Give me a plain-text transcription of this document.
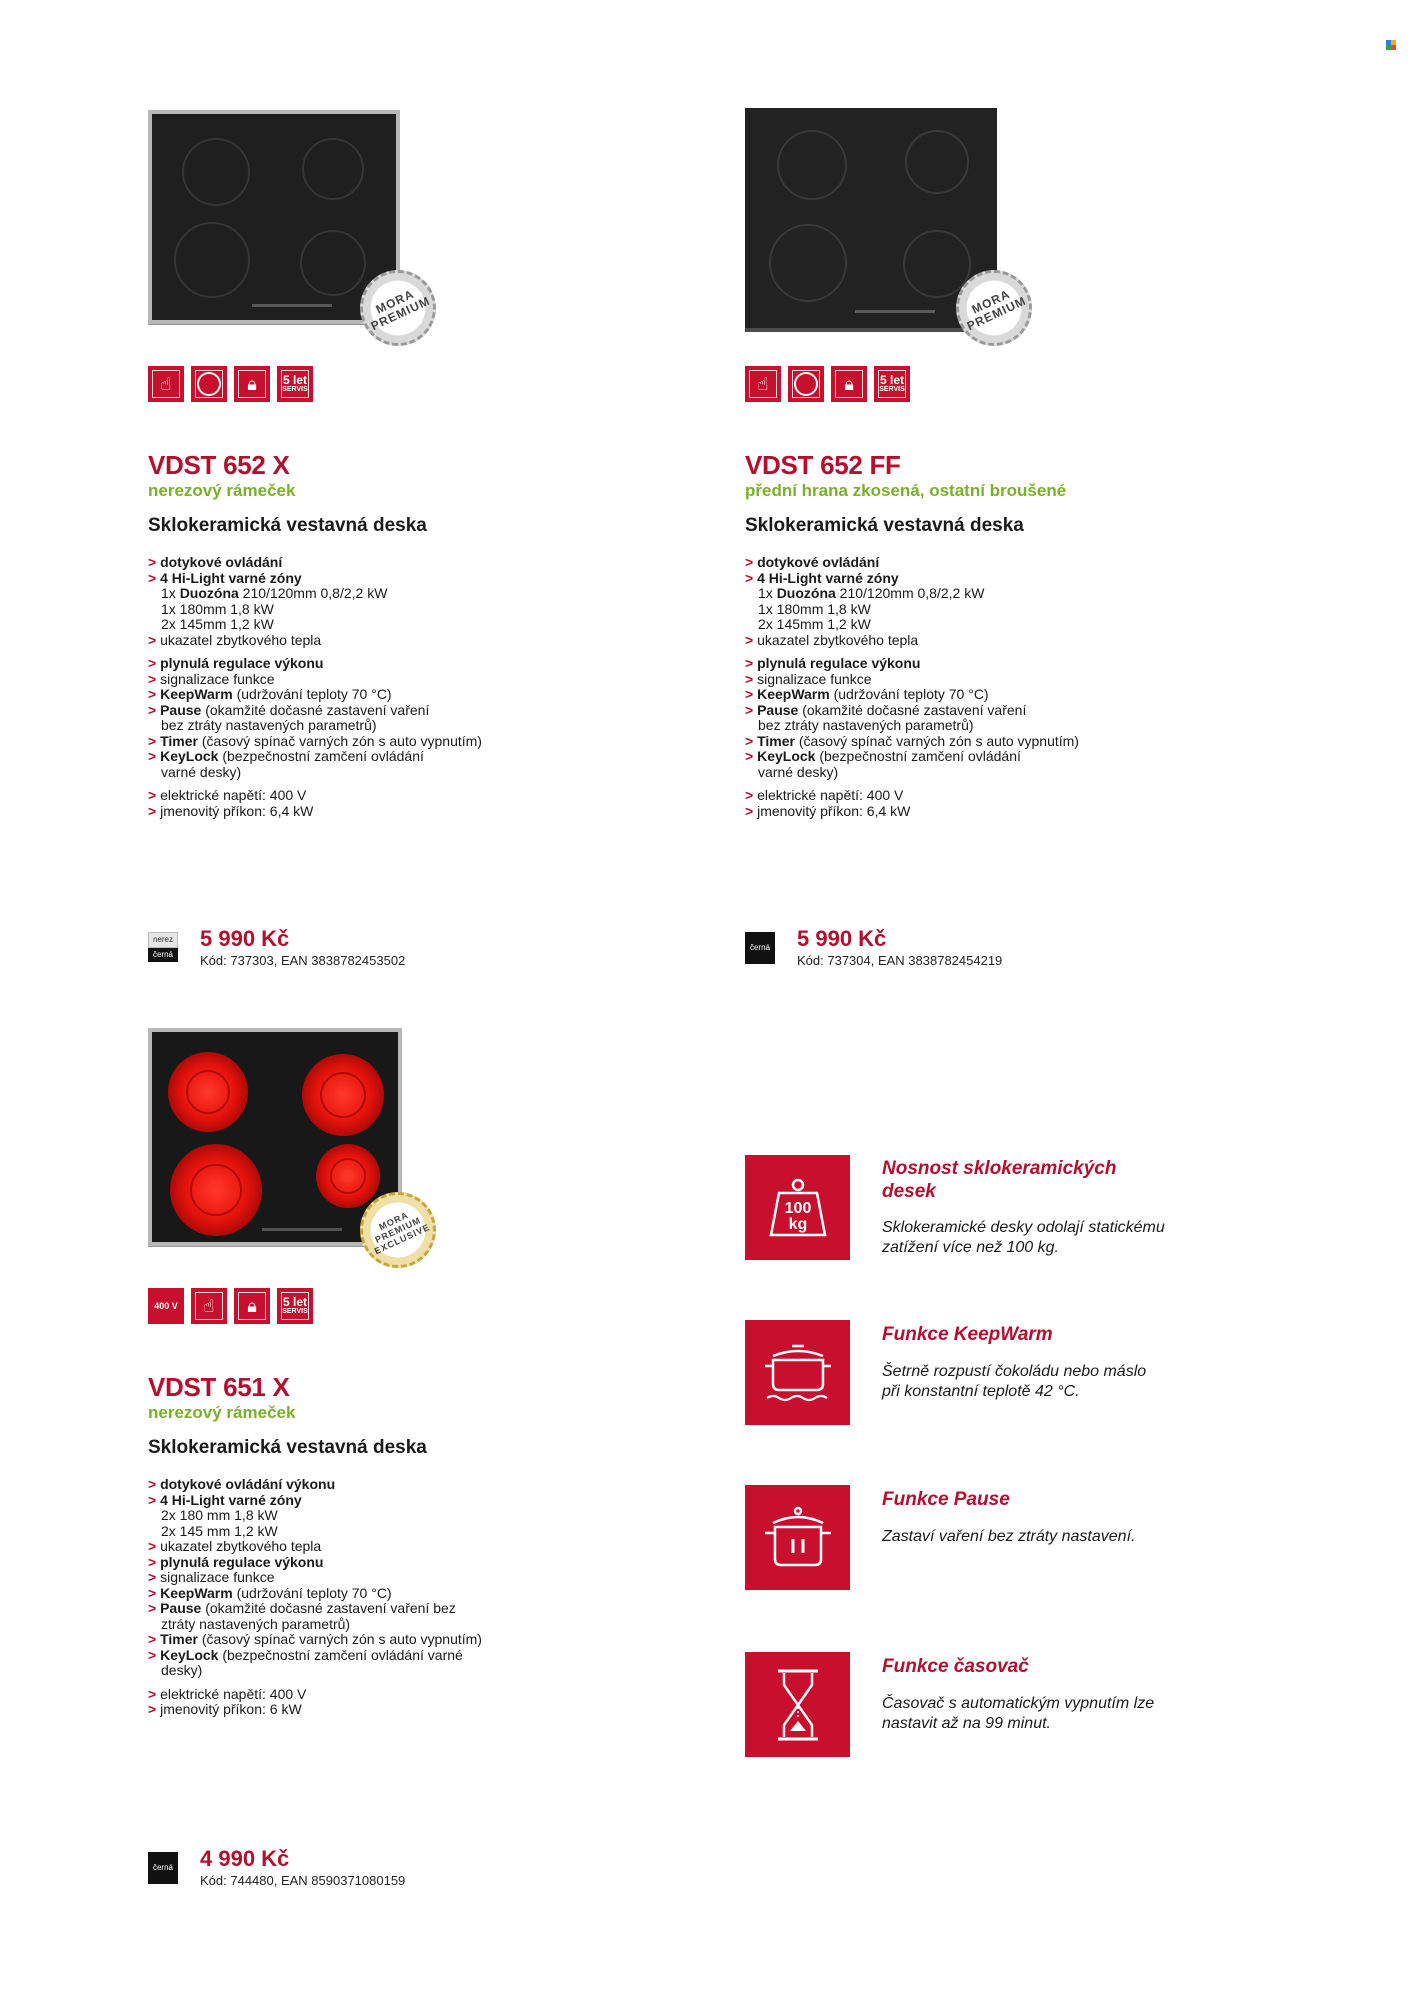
MORA PREMIUM
☝	🔒︎ 5 let
SERVIS
VDST 652 X
nerezový rámeček
Sklokeramická vestavná deska
> dotykové ovládání
> 4 Hi-Light varné zóny
1x Duozóna 210/120mm 0,8/2,2 kW
1x 180mm 1,8 kW
2x 145mm 1,2 kW
> ukazatel zbytkového tepla
> plynulá regulace výkonu
> signalizace funkce
> KeepWarm (udržování teploty 70 °C)
> Pause (okamžité dočasné zastavení vaření
bez ztráty nastavených parametrů)
> Timer (časový spínač varných zón s auto vypnutím)
> KeyLock (bezpečnostní zamčení ovládání
varné desky)
> elektrické napětí: 400 V
> jmenovitý příkon: 6,4 kW
nerez
černá
5 990 Kč
Kód: 737303, EAN 3838782453502
MORA PREMIUM
☝	🔒︎ 5 let
SERVIS
VDST 652 FF
přední hrana zkosená, ostatní broušené
Sklokeramická vestavná deska
> dotykové ovládání
> 4 Hi-Light varné zóny
1x Duozóna 210/120mm 0,8/2,2 kW
1x 180mm 1,8 kW
2x 145mm 1,2 kW
> ukazatel zbytkového tepla
> plynulá regulace výkonu
> signalizace funkce
> KeepWarm (udržování teploty 70 °C)
> Pause (okamžité dočasné zastavení vaření
bez ztráty nastavených parametrů)
> Timer (časový spínač varných zón s auto vypnutím)
> KeyLock (bezpečnostní zamčení ovládání
varné desky)
> elektrické napětí: 400 V
> jmenovitý příkon: 6,4 kW
černá 5 990 Kč
Kód: 737304, EAN 3838782454219
MORA PREMIUM EXCLUSIVE
400 V ☝ 🔒︎ 5 let
SERVIS
VDST 651 X
nerezový rámeček
Sklokeramická vestavná deska
> dotykové ovládání výkonu
> 4 Hi-Light varné zóny
2x 180 mm 1,8 kW
2x 145 mm 1,2 kW
> ukazatel zbytkového tepla
> plynulá regulace výkonu
> signalizace funkce
> KeepWarm (udržování teploty 70 °C)
> Pause (okamžité dočasné zastavení vaření bez
ztráty nastavených parametrů)
> Timer (časový spínač varných zón s auto vypnutím)
> KeyLock (bezpečnostní zamčení ovládání varné
desky)
> elektrické napětí: 400 V
> jmenovitý příkon: 6 kW
černá 4 990 Kč
Kód: 744480, EAN 8590371080159
100
kg
Nosnost sklokeramických desek
Sklokeramické desky odolají statickému zatížení více než 100 kg.
Funkce KeepWarm
Šetrně rozpustí čokoládu nebo máslo při konstantní teplotě 42 °C.
Funkce Pause
Zastaví vaření bez ztráty nastavení.
Funkce časovač
Časovač s automatickým vypnutím lze nastavit až na 99 minut.
